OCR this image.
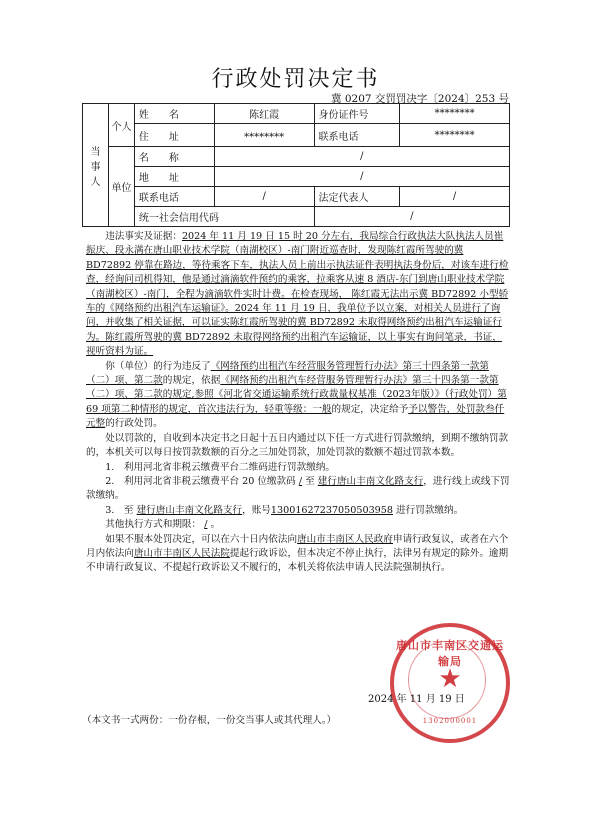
行政处罚决定书
冀 0207 交罚罚决字〔2024〕253 号
当事人	个人	姓　　名	陈红霞	身份证件号	********
		住　　址	********	联系电话	********

	单位	名　　称	/		
		地　　址	/		
		联系电话	/	法定代表人	/
		统一社会信用代码		/	

违法事实及证据：2024 年 11 月 19 日 15 时 20 分左右，我局综合行政执法大队执法人员崔振庆、段永满在唐山职业技术学院（南湖校区）-南门附近巡查时，发现陈红霞所驾驶的冀 BD72892 停靠在路边，等待乘客下车，执法人员上前出示执法证件表明执法身份后，对该车进行检查，经询问司机得知，他是通过滴滴软件预约的乘客，拉乘客从速 8 酒店-东门到唐山职业技术学院（南湖校区）-南门，全程为滴滴软件实时计费。在检查现场， 陈红霞无法出示冀 BD72892 小型轿车的《网络预约出租汽车运输证》。2024 年 11 月 19 日，我单位予以立案，对相关人员进行了询问，并收集了相关证据，可以证实陈红霞所驾驶的冀 BD72892 未取得网络预约出租汽车运输证行为。陈红霞所驾驶的冀 BD72892 未取得网络预约出租汽车运输证，以上事实有询问笔录，书证，视听资料为证。

你（单位）的行为违反了《网络预约出租汽车经营服务管理暂行办法》第三十四条第一款第（二）项、第二款的规定，依据《网络预约出租汽车经营服务管理暂行办法》第三十四条第一款第（二）项、第二款的规定,参照《河北省交通运输系统行政裁量权基准（2023年版）》（行政处罚）第 69 项第二种情形的规定，首次违法行为，轻重等级：一般的规定，决定给予予以警告，处罚款叁仟元整的行政处罚。

处以罚款的，自收到本决定书之日起十五日内通过以下任一方式进行罚款缴纳，到期不缴纳罚款的，本机关可以每日按罚款数额的百分之三加处罚款，加处罚款的数额不超过罚款本数。

1.　利用河北省非税云缴费平台二维码进行罚款缴纳。

2.　利用河北省非税云缴费平台 20 位缴款码 / 至 建行唐山丰南文化路支行，进行线上或线下罚款缴纳。

3.　至 建行唐山丰南文化路支行，账号13001627237050503958 进行罚款缴纳。

其他执行方式和期限： / 。

如果不服本处罚决定，可以在六十日内依法向唐山市丰南区人民政府申请行政复议，或者在六个月内依法向唐山市丰南区人民法院提起行政诉讼，但本决定不停止执行，法律另有规定的除外。逾期不申请行政复议、不提起行政诉讼又不履行的，本机关将依法申请人民法院强制执行。

唐山市丰南区交通运输局
★
1302000001
2024 年 11 月 19 日
（本文书一式两份：一份存根，一份交当事人或其代理人。）
